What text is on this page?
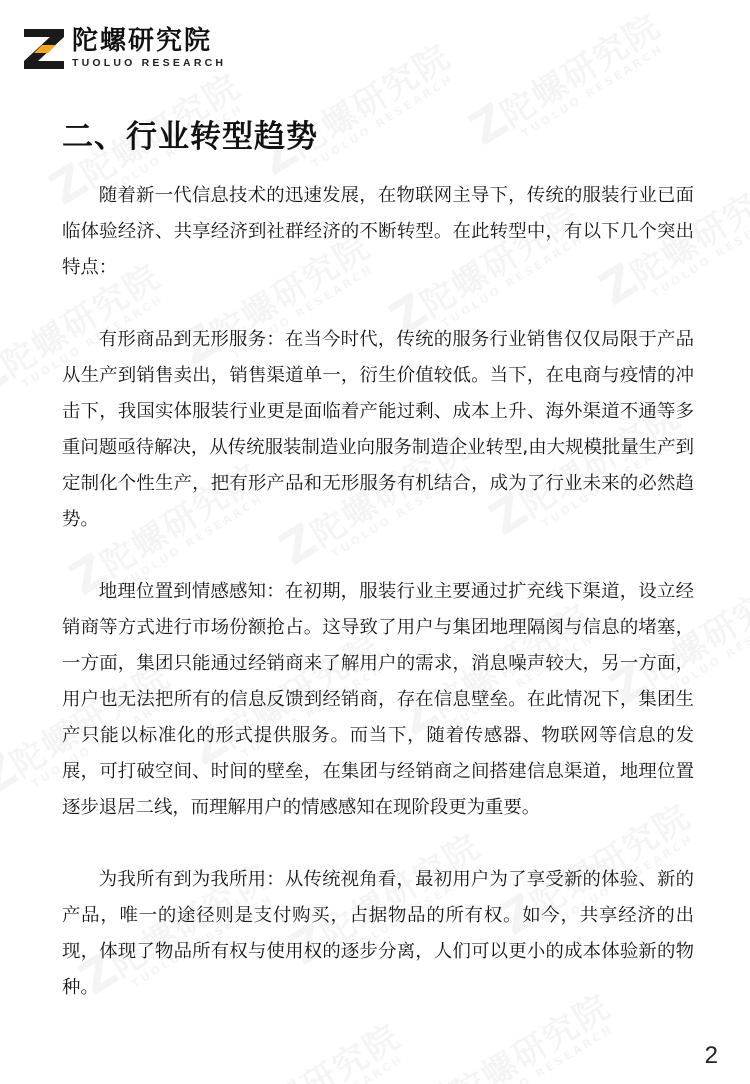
陀螺研究院
TUOLUO RESEARCH
二、行业转型趋势

随着新一代信息技术的迅速发展，在物联网主导下，传统的服装行业已面临体验经济、共享经济到社群经济的不断转型。在此转型中，有以下几个突出特点：

有形商品到无形服务：在当今时代，传统的服务行业销售仅仅局限于产品从生产到销售卖出，销售渠道单一，衍生价值较低。当下，在电商与疫情的冲击下，我国实体服装行业更是面临着产能过剩、成本上升、海外渠道不通等多重问题亟待解决，从传统服装制造业向服务制造企业转型,由大规模批量生产到定制化个性生产，把有形产品和无形服务有机结合，成为了行业未来的必然趋势。

地理位置到情感感知：在初期，服装行业主要通过扩充线下渠道，设立经销商等方式进行市场份额抢占。这导致了用户与集团地理隔阂与信息的堵塞，一方面，集团只能通过经销商来了解用户的需求，消息噪声较大，另一方面，用户也无法把所有的信息反馈到经销商，存在信息壁垒。在此情况下，集团生产只能以标准化的形式提供服务。而当下，随着传感器、物联网等信息的发展，可打破空间、时间的壁垒，在集团与经销商之间搭建信息渠道，地理位置逐步退居二线，而理解用户的情感感知在现阶段更为重要。

为我所有到为我所用：从传统视角看，最初用户为了享受新的体验、新的产品，唯一的途径则是支付购买，占据物品的所有权。如今，共享经济的出现，体现了物品所有权与使用权的逐步分离，人们可以更小的成本体验新的物种。

2
